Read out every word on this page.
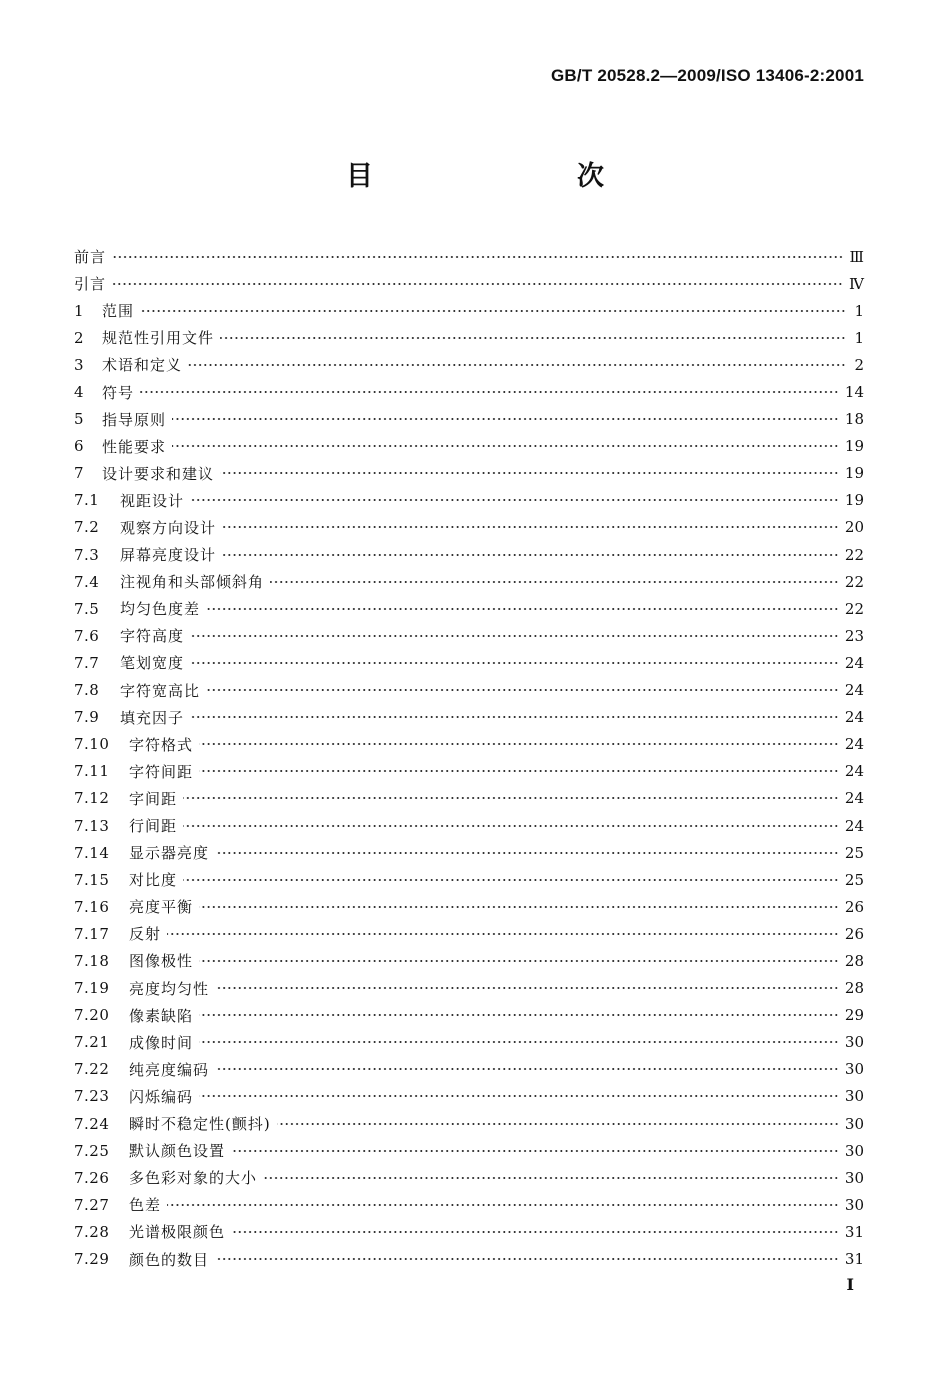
GB/T 20528.2—2009/ISO 13406-2:2001
目　　次
前言	Ⅲ
引言	Ⅳ
1	范围	1
2	规范性引用文件	1
3	术语和定义	2
4	符号	14
5	指导原则	18
6	性能要求	19
7	设计要求和建议	19
7.1	视距设计	19
7.2	观察方向设计	20
7.3	屏幕亮度设计	22
7.4	注视角和头部倾斜角	22
7.5	均匀色度差	22
7.6	字符高度	23
7.7	笔划宽度	24
7.8	字符宽高比	24
7.9	填充因子	24
7.10	字符格式	24
7.11	字符间距	24
7.12	字间距	24
7.13	行间距	24
7.14	显示器亮度	25
7.15	对比度	25
7.16	亮度平衡	26
7.17	反射	26
7.18	图像极性	28
7.19	亮度均匀性	28
7.20	像素缺陷	29
7.21	成像时间	30
7.22	纯亮度编码	30
7.23	闪烁编码	30
7.24	瞬时不稳定性(颤抖)	30
7.25	默认颜色设置	30
7.26	多色彩对象的大小	30
7.27	色差	30
7.28	光谱极限颜色	31
7.29	颜色的数目	31
I
